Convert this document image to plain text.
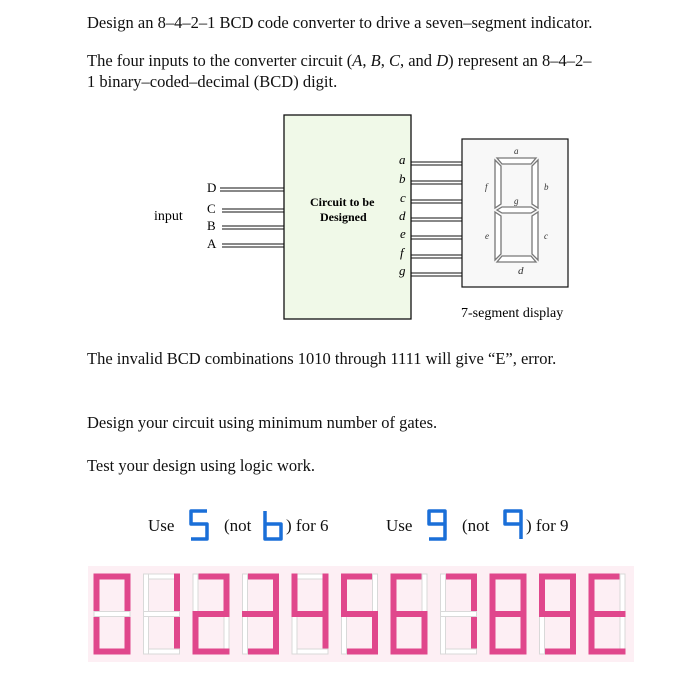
Design an 8–4–2–1 BCD code converter to drive a seven–segment indicator.
The four inputs to the converter circuit (A, B, C, and D) represent an 8–4–2–
1 binary–coded–decimal (BCD) digit.
input
D
C
B
A
Circuit to be
Designed
a
b
c
d
e
f
g
a
b
c
d
e
f
g
7-segment display
The invalid BCD combinations 1010 through 1111 will give “E”, error.
Design your circuit using minimum number of gates.
Test your design using logic work.
Use	(not ) for 6	Use	(not ) for 9
